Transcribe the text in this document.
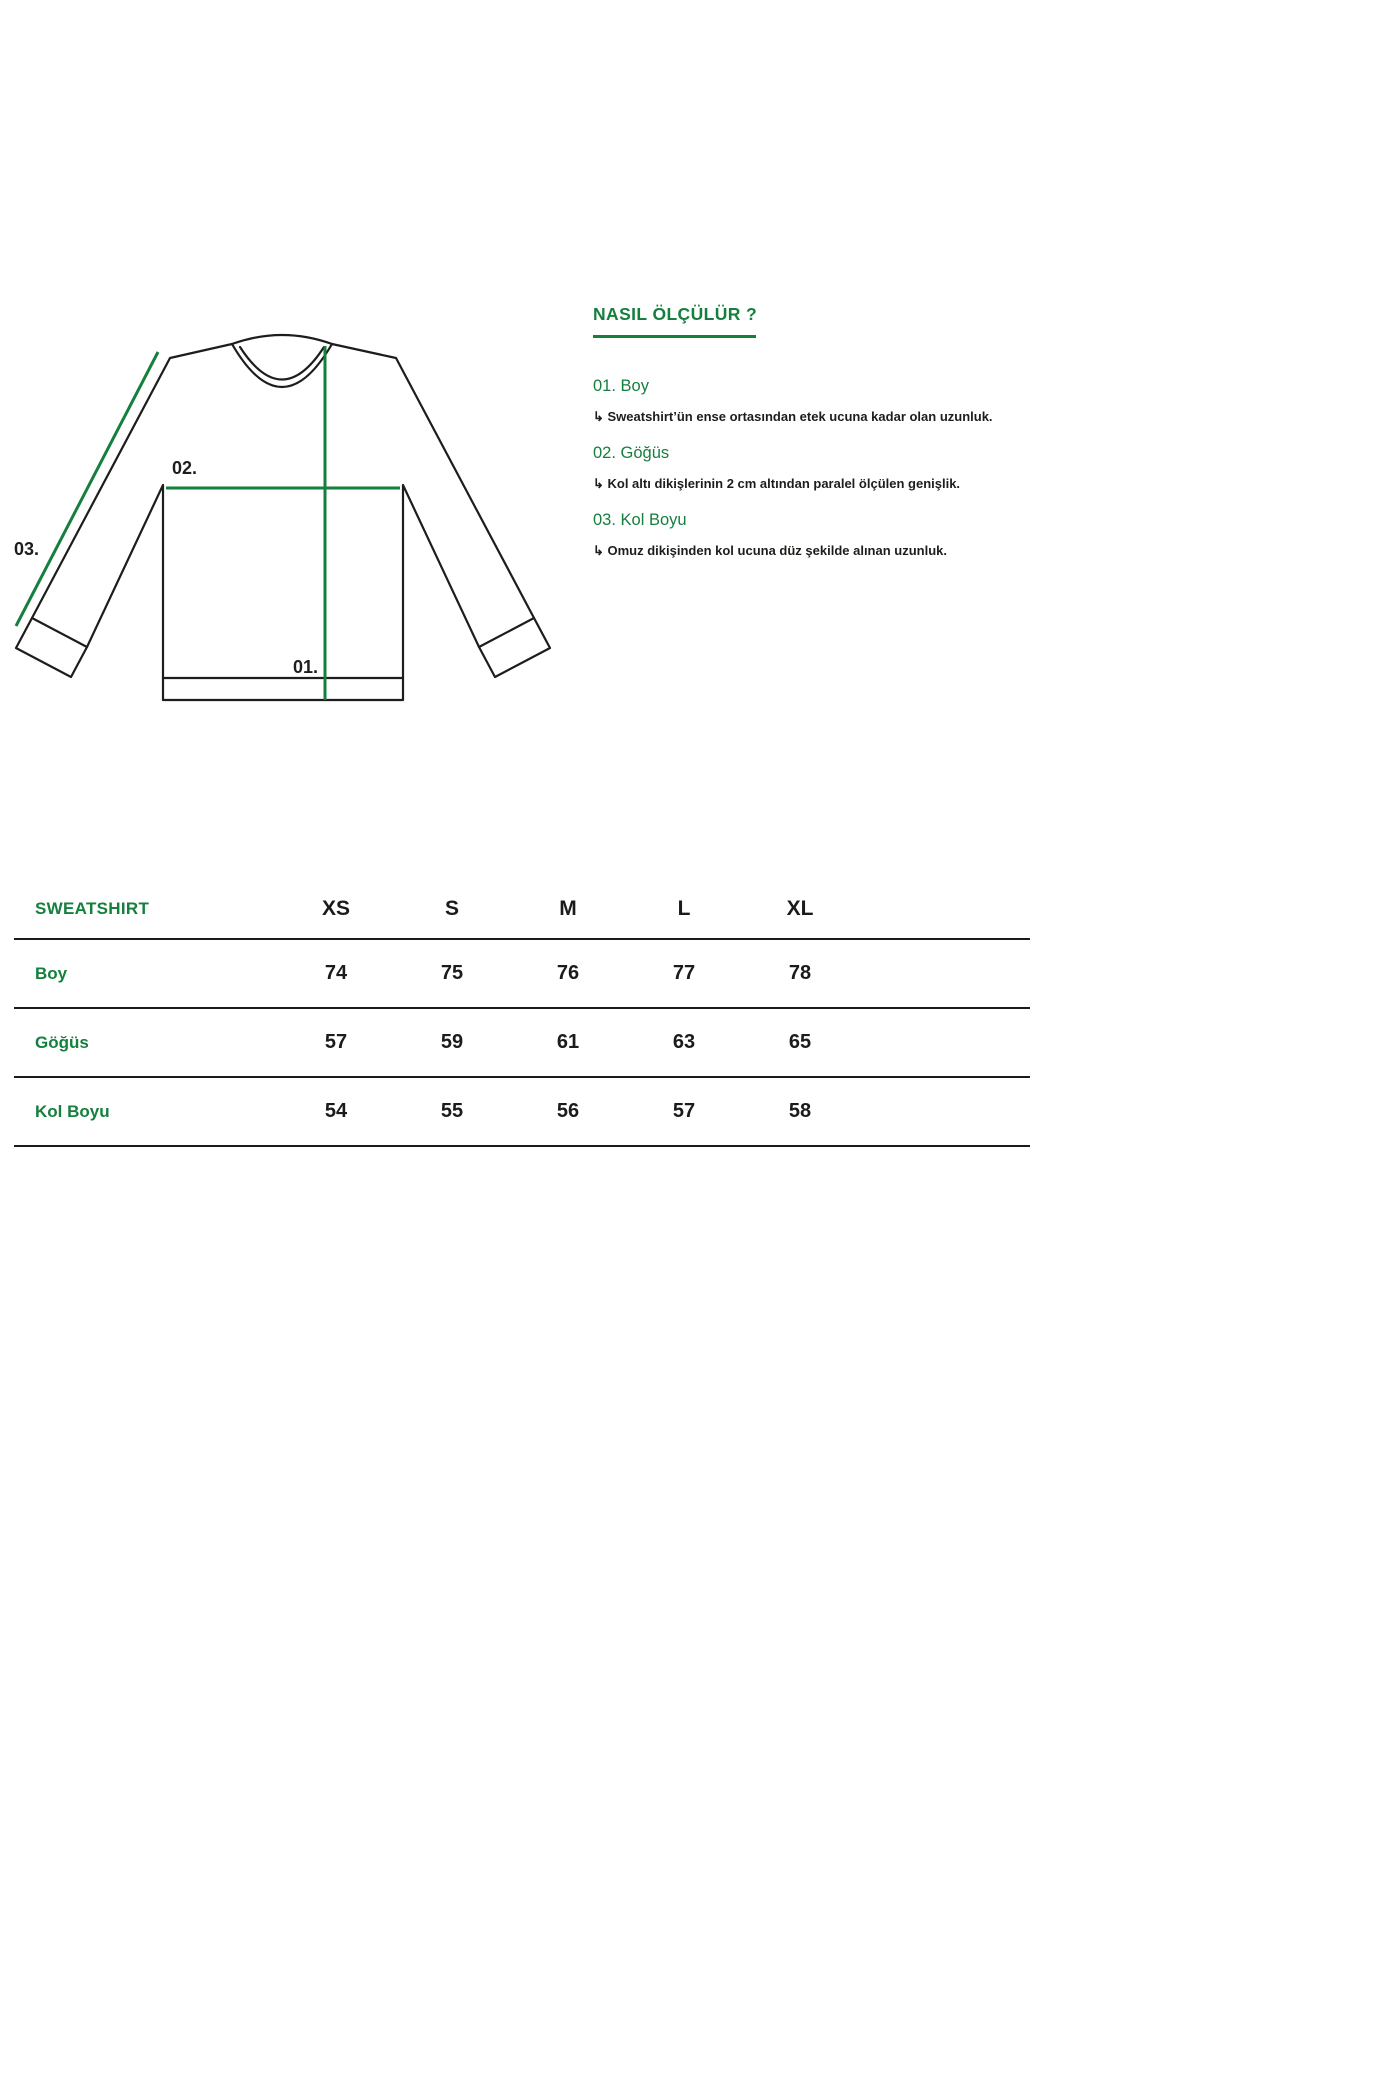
02.
03.
01.
NASIL ÖLÇÜLÜR ?

01. Boy

↳ Sweatshirt’ün ense ortasından etek ucuna kadar olan uzunluk.

02. Göğüs

↳ Kol altı dikişlerinin 2 cm altından paralel ölçülen genişlik.

03. Kol Boyu

↳ Omuz dikişinden kol ucuna düz şekilde alınan uzunluk.

SWEATSHIRT	XS	S	M	L	XL
Boy	74	75	76	77	78
Göğüs	57	59	61	63	65
Kol Boyu	54	55	56	57	58
